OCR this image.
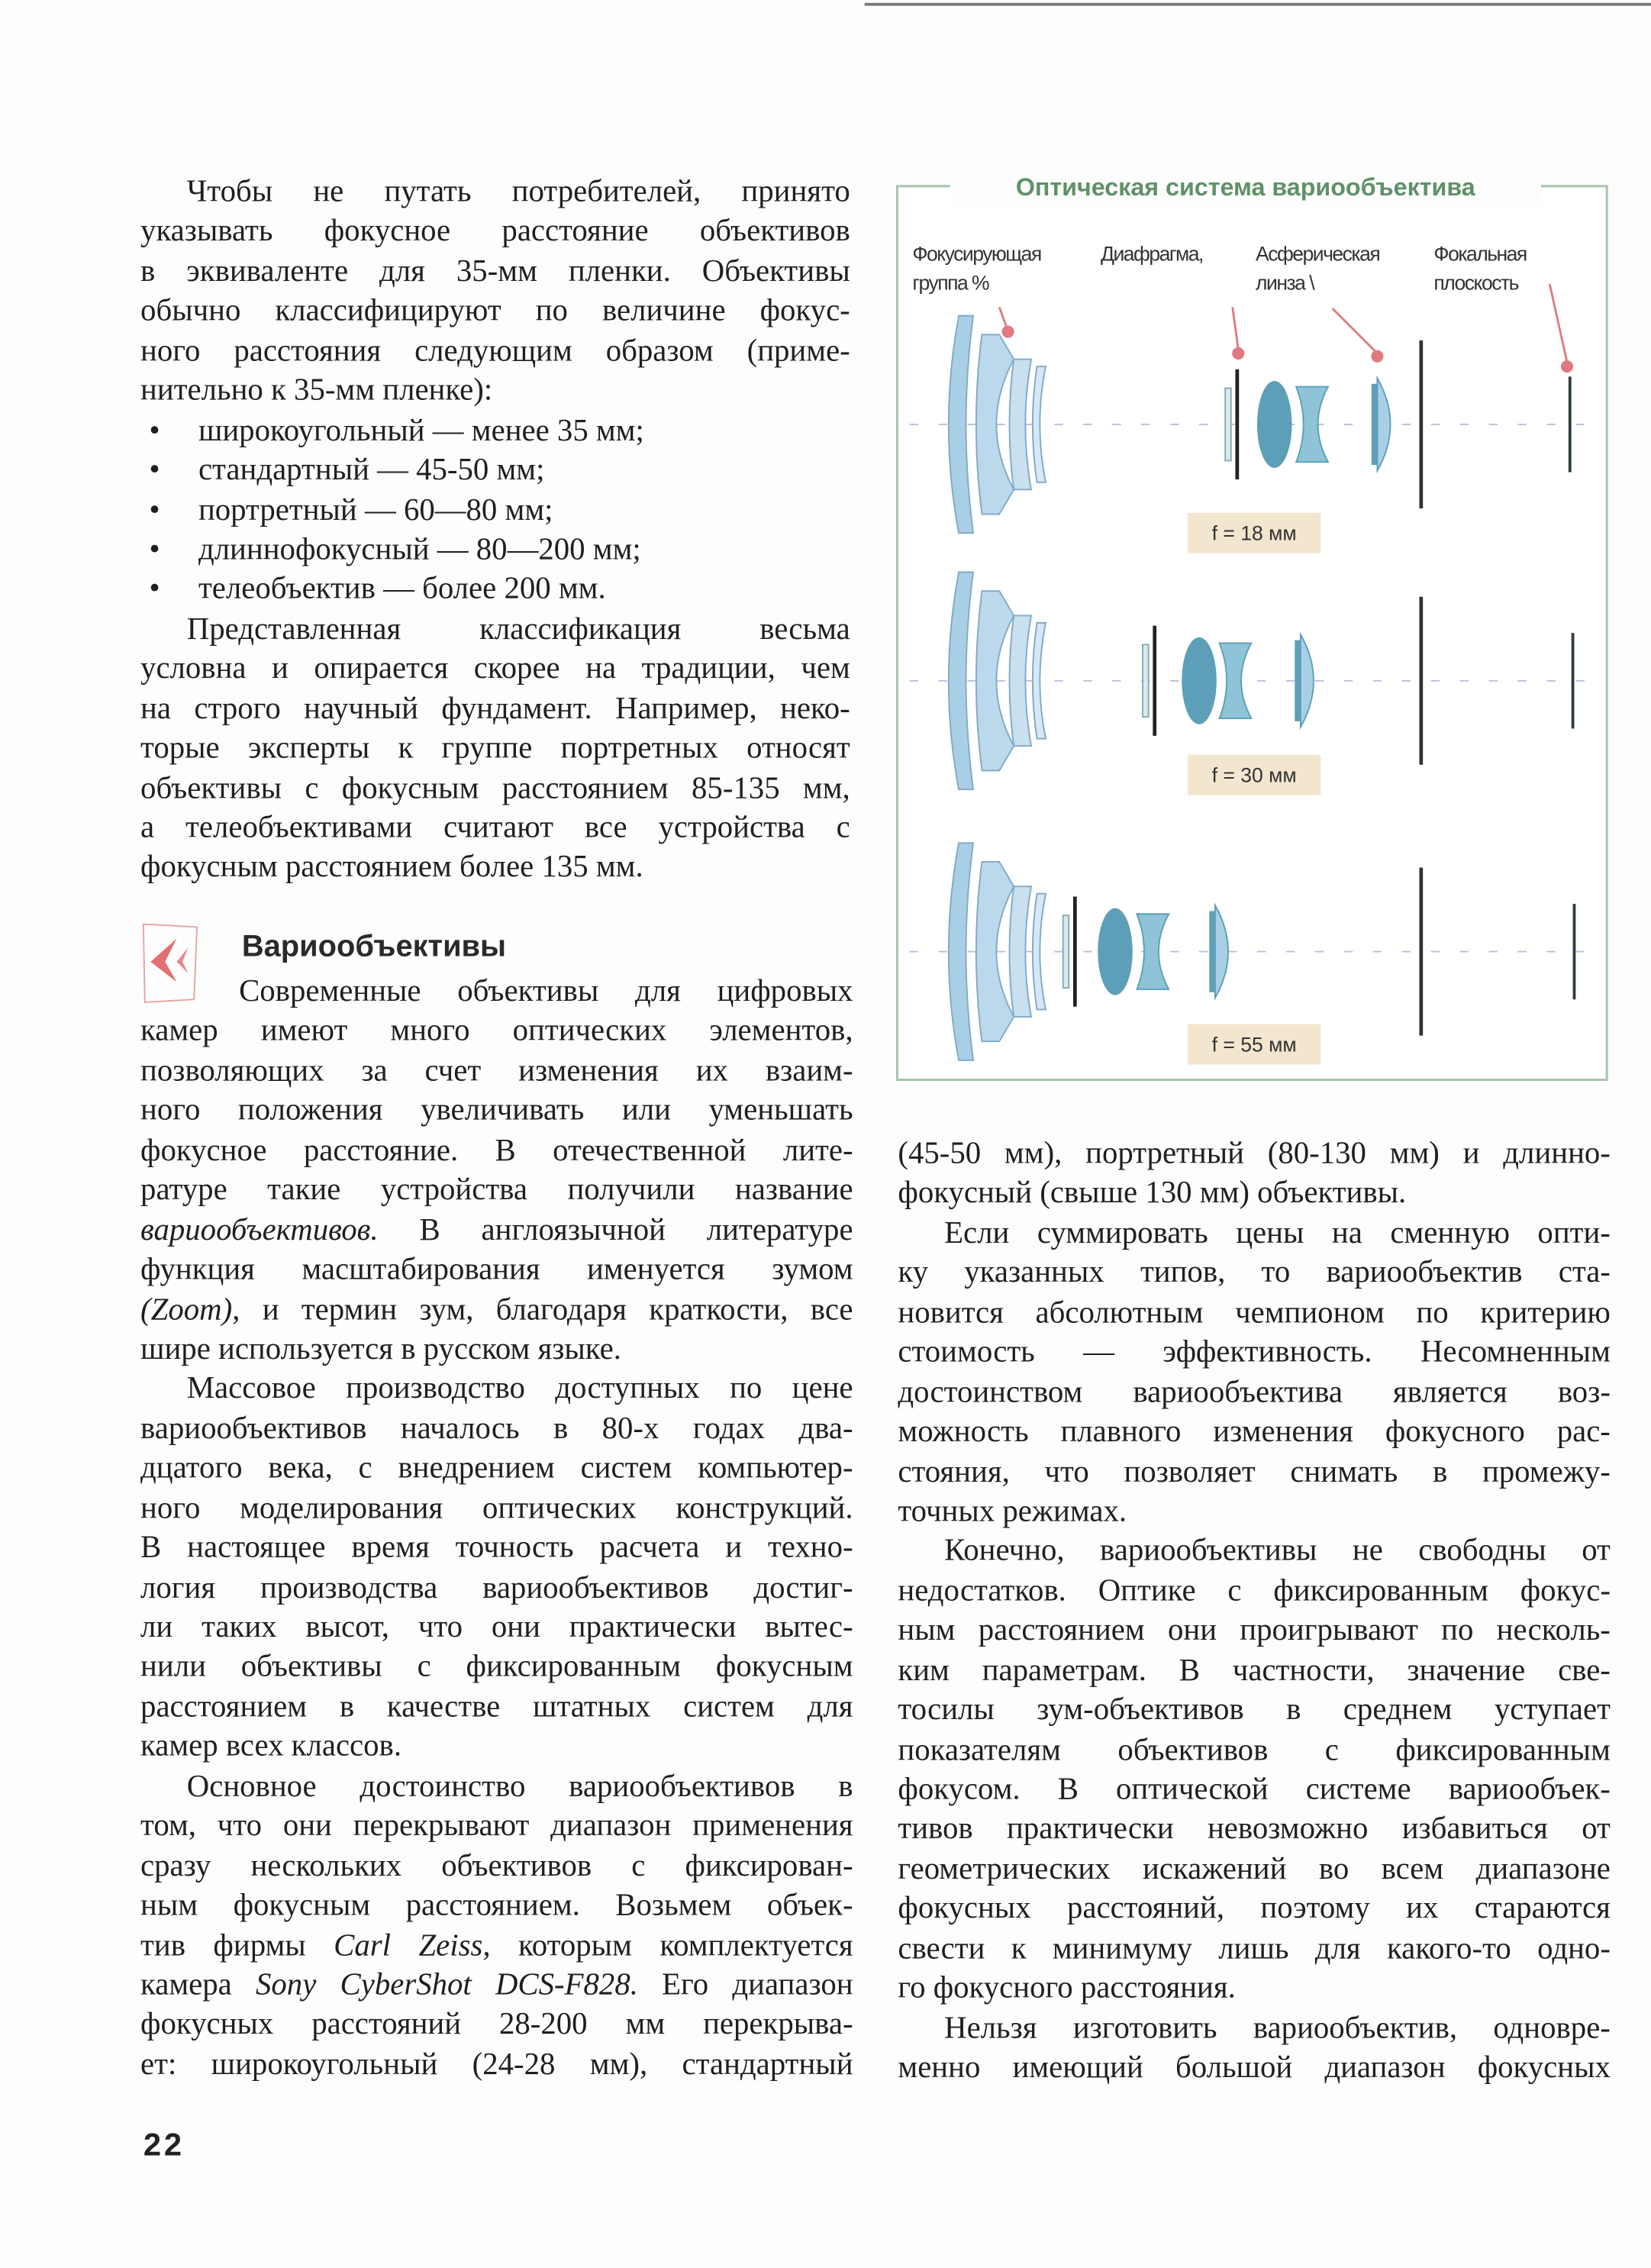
Чтобы не путать потребителей, принято
указывать фокусное расстояние объективов
в эквиваленте для 35-мм пленки. Объективы
обычно классифицируют по величине фокус-
ного расстояния следующим образом (приме-
нительно к 35-мм пленке):
• широкоугольный — менее 35 мм;
• стандартный — 45-50 мм;
• портретный — 60—80 мм;
• длиннофокусный — 80—200 мм;
• телеобъектив — более 200 мм.
Представленная классификация весьма
условна и опирается скорее на традиции, чем
на строго научный фундамент. Например, неко-
торые эксперты к группе портретных относят
объективы с фокусным расстоянием 85-135 мм,
а телеобъективами считают все устройства с
фокусным расстоянием более 135 мм.
Вариообъективы
Современные объективы для цифровых
камер имеют много оптических элементов,
позволяющих за счет изменения их взаим-
ного положения увеличивать или уменьшать
фокусное расстояние. В отечественной лите-
ратуре такие устройства получили название
вариообъективов. В англоязычной литературе
функция масштабирования именуется зумом
(Zoom), и термин зум, благодаря краткости, все
шире используется в русском языке.
Массовое производство доступных по цене
вариообъективов началось в 80-х годах два-
дцатого века, с внедрением систем компьютер-
ного моделирования оптических конструкций.
В настоящее время точность расчета и техно-
логия производства вариообъективов достиг-
ли таких высот, что они практически вытес-
нили объективы с фиксированным фокусным
расстоянием в качестве штатных систем для
камер всех классов.
Основное достоинство вариообъективов в
том, что они перекрывают диапазон применения
сразу нескольких объективов с фиксирован-
ным фокусным расстоянием. Возьмем объек-
тив фирмы Carl Zeiss, которым комплектуется
камера Sony CyberShot DCS-F828. Его диапазон
фокусных расстояний 28-200 мм перекрыва-
ет: широкоугольный (24-28 мм), стандартный
(45-50 мм), портретный (80-130 мм) и длинно-
фокусный (свыше 130 мм) объективы.
Если суммировать цены на сменную опти-
ку указанных типов, то вариообъектив ста-
новится абсолютным чемпионом по критерию
стоимость — эффективность. Несомненным
достоинством вариообъектива является воз-
можность плавного изменения фокусного рас-
стояния, что позволяет снимать в промежу-
точных режимах.
Конечно, вариообъективы не свободны от
недостатков. Оптике с фиксированным фокус-
ным расстоянием они проигрывают по несколь-
ким параметрам. В частности, значение све-
тосилы зум-объективов в среднем уступает
показателям объективов с фиксированным
фокусом. В оптической системе вариообъек-
тивов практически невозможно избавиться от
геометрических искажений во всем диапазоне
фокусных расстояний, поэтому их стараются
свести к минимуму лишь для какого-то одно-
го фокусного расстояния.
Нельзя изготовить вариообъектив, одновре-
менно имеющий большой диапазон фокусных
Оптическая система вариообъектива
Фокусирующая
группа %
Диафрагма,	Асферическая
линза \
Фокальная
плоскость
f = 18 мм
f = 30 мм
f = 55 мм
22
